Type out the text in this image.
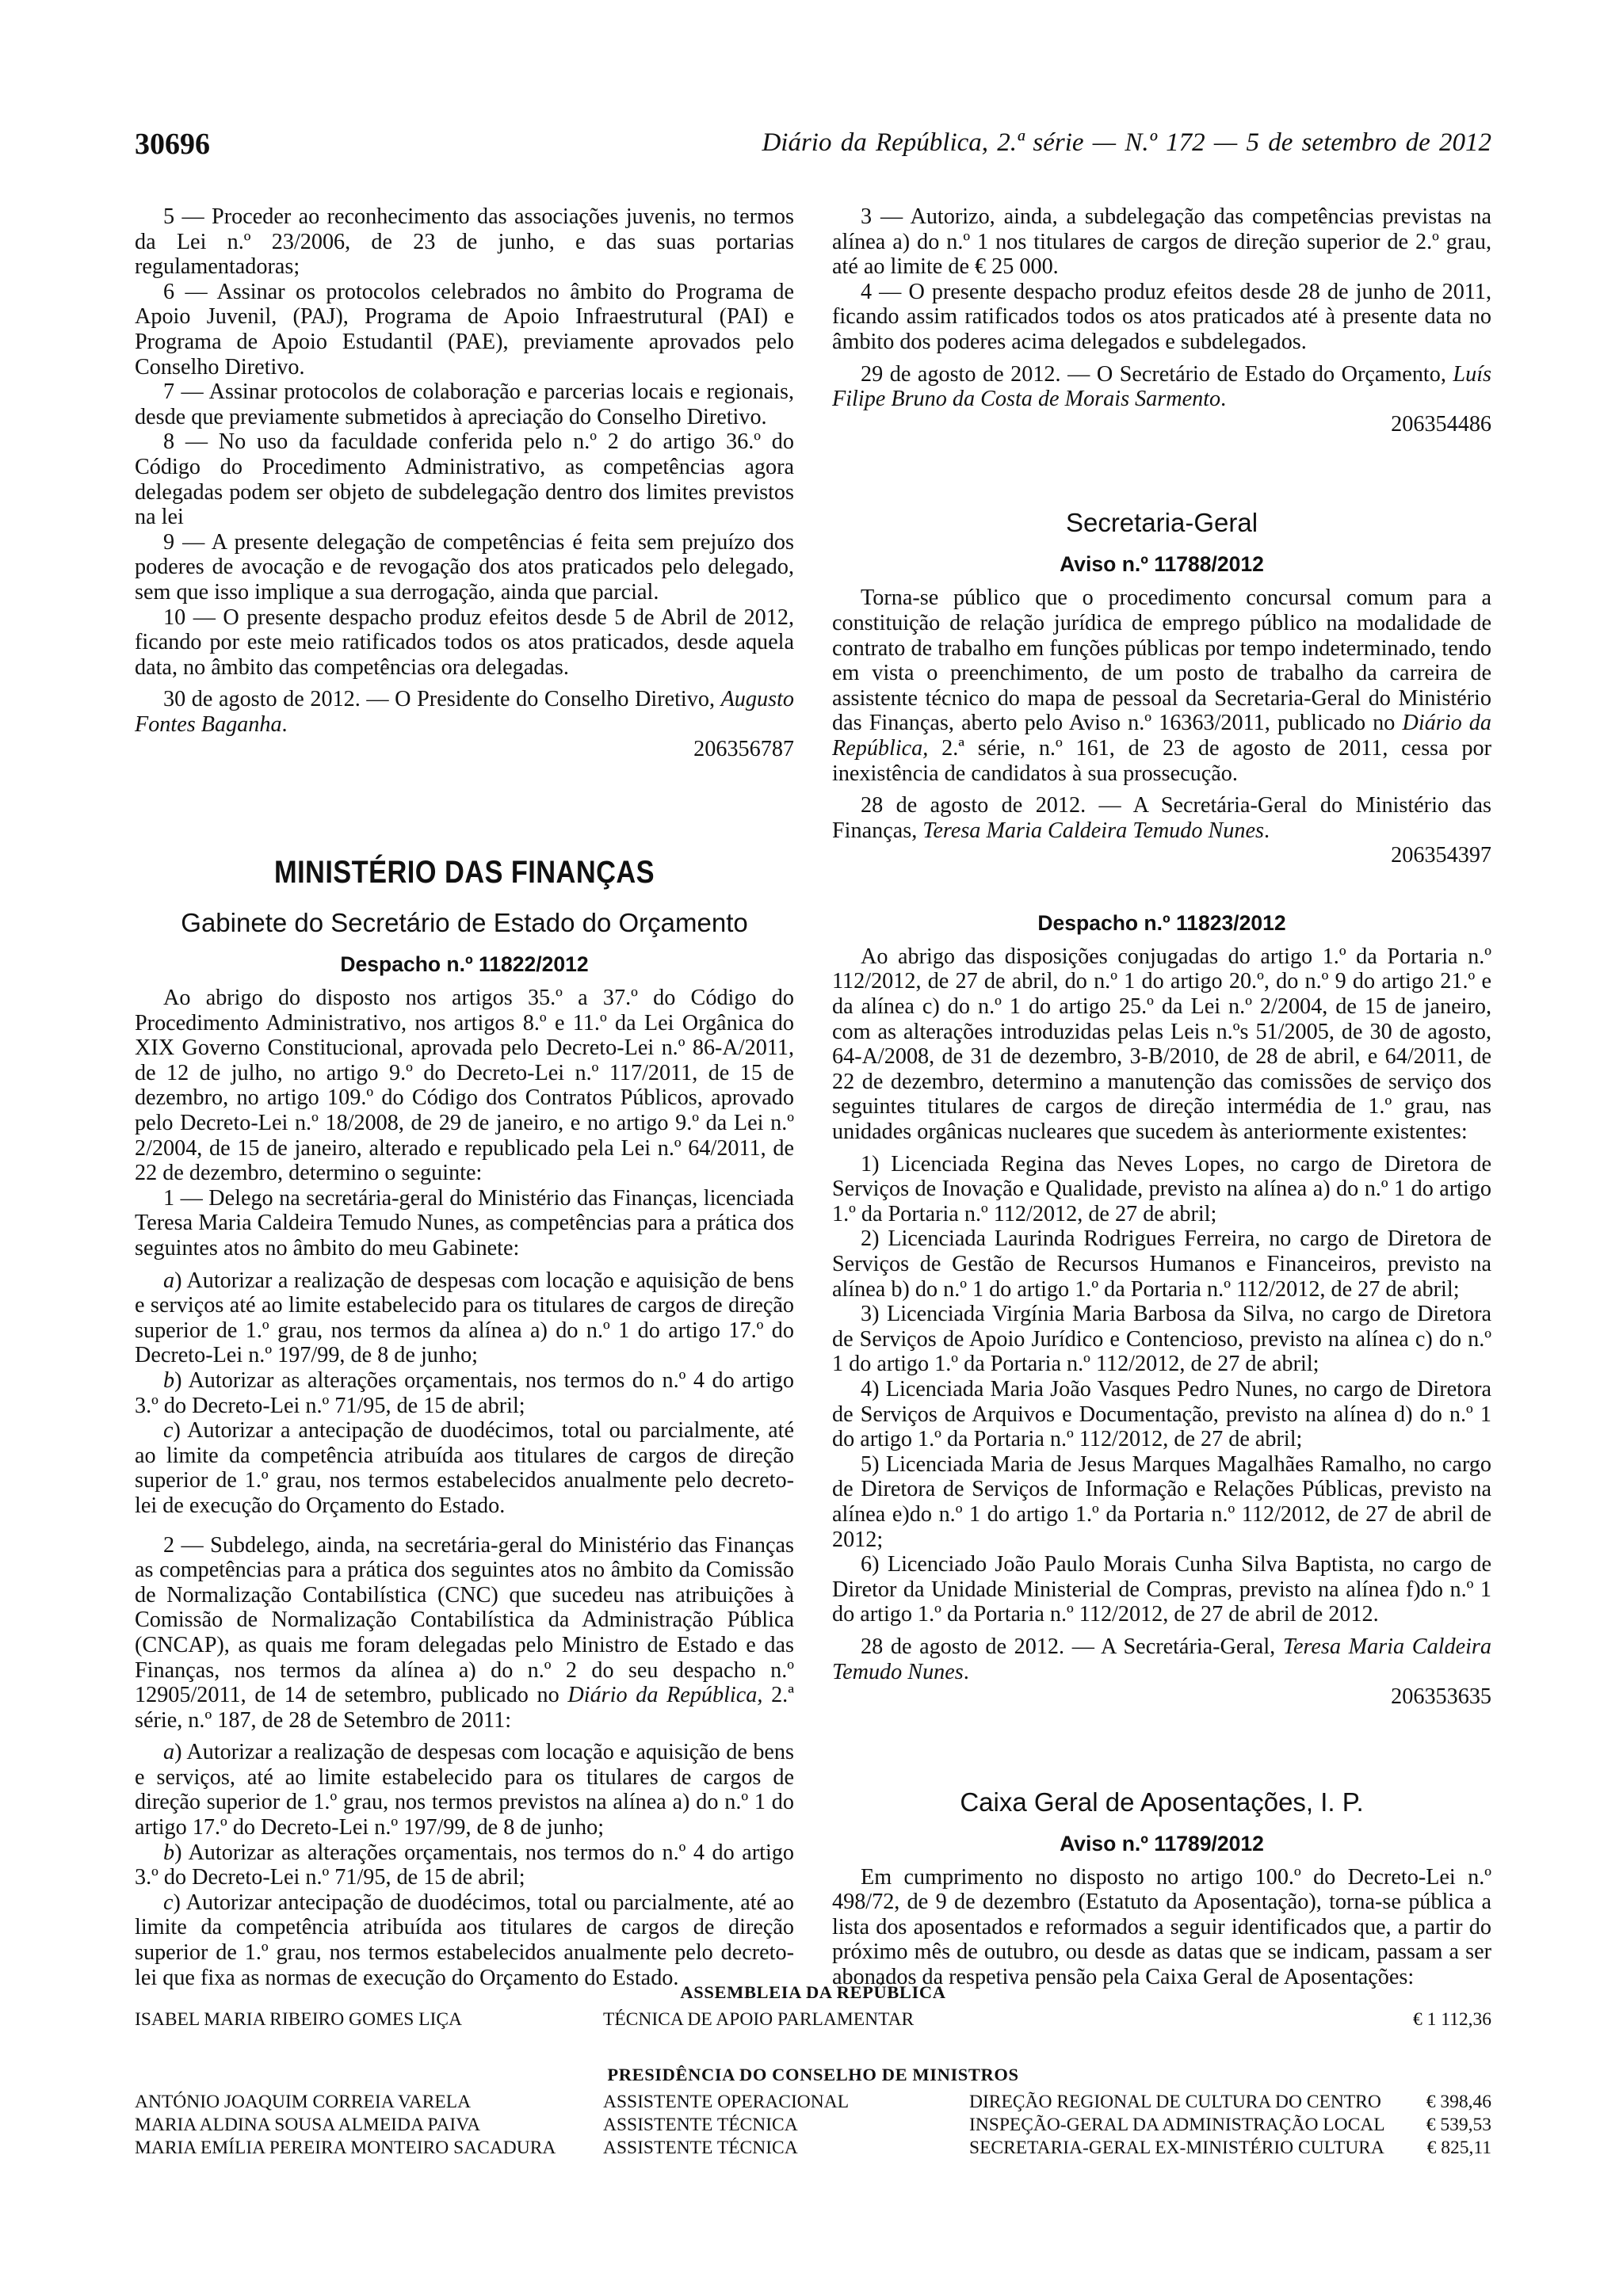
30696	Diário da República, 2.ª série — N.º 172 — 5 de setembro de 2012

5 — Proceder ao reconhecimento das associações juvenis, no termos da Lei n.º 23/2006, de 23 de junho, e das suas portarias regulamentadoras;

6 — Assinar os protocolos celebrados no âmbito do Programa de Apoio Juvenil, (PAJ), Programa de Apoio Infraestrutural (PAI) e Programa de Apoio Estudantil (PAE), previamente aprovados pelo Conselho Diretivo.

7 — Assinar protocolos de colaboração e parcerias locais e regionais, desde que previamente submetidos à apreciação do Conselho Diretivo.

8 — No uso da faculdade conferida pelo n.º 2 do artigo 36.º do Código do Procedimento Administrativo, as competências agora delegadas podem ser objeto de subdelegação dentro dos limites previstos na lei

9 — A presente delegação de competências é feita sem prejuízo dos poderes de avocação e de revogação dos atos praticados pelo delegado, sem que isso implique a sua derrogação, ainda que parcial.

10 — O presente despacho produz efeitos desde 5 de Abril de 2012, ficando por este meio ratificados todos os atos praticados, desde aquela data, no âmbito das competências ora delegadas.

30 de agosto de 2012. — O Presidente do Conselho Diretivo, Augusto Fontes Baganha.

206356787

MINISTÉRIO DAS FINANÇAS
Gabinete do Secretário de Estado do Orçamento
Despacho n.º 11822/2012

Ao abrigo do disposto nos artigos 35.º a 37.º do Código do Procedimento Administrativo, nos artigos 8.º e 11.º da Lei Orgânica do XIX Governo Constitucional, aprovada pelo Decreto-Lei n.º 86-A/2011, de 12 de julho, no artigo 9.º do Decreto-Lei n.º 117/2011, de 15 de dezembro, no artigo 109.º do Código dos Contratos Públicos, aprovado pelo Decreto-Lei n.º 18/2008, de 29 de janeiro, e no artigo 9.º da Lei n.º 2/2004, de 15 de janeiro, alterado e republicado pela Lei n.º 64/2011, de 22 de dezembro, determino o seguinte:

1 — Delego na secretária-geral do Ministério das Finanças, licenciada Teresa Maria Caldeira Temudo Nunes, as competências para a prática dos seguintes atos no âmbito do meu Gabinete:

a) Autorizar a realização de despesas com locação e aquisição de bens e serviços até ao limite estabelecido para os titulares de cargos de direção superior de 1.º grau, nos termos da alínea a) do n.º 1 do artigo 17.º do Decreto-Lei n.º 197/99, de 8 de junho;

b) Autorizar as alterações orçamentais, nos termos do n.º 4 do artigo 3.º do Decreto-Lei n.º 71/95, de 15 de abril;

c) Autorizar a antecipação de duodécimos, total ou parcialmente, até ao limite da competência atribuída aos titulares de cargos de direção superior de 1.º grau, nos termos estabelecidos anualmente pelo decreto-lei de execução do Orçamento do Estado.

2 — Subdelego, ainda, na secretária-geral do Ministério das Finanças as competências para a prática dos seguintes atos no âmbito da Comissão de Normalização Contabilística (CNC) que sucedeu nas atribuições à Comissão de Normalização Contabilística da Administração Pública (CNCAP), as quais me foram delegadas pelo Ministro de Estado e das Finanças, nos termos da alínea a) do n.º 2 do seu despacho n.º 12905/2011, de 14 de setembro, publicado no Diário da República, 2.ª série, n.º 187, de 28 de Setembro de 2011:

a) Autorizar a realização de despesas com locação e aquisição de bens e serviços, até ao limite estabelecido para os titulares de cargos de direção superior de 1.º grau, nos termos previstos na alínea a) do n.º 1 do artigo 17.º do Decreto-Lei n.º 197/99, de 8 de junho;

b) Autorizar as alterações orçamentais, nos termos do n.º 4 do artigo 3.º do Decreto-Lei n.º 71/95, de 15 de abril;

c) Autorizar antecipação de duodécimos, total ou parcialmente, até ao limite da competência atribuída aos titulares de cargos de direção superior de 1.º grau, nos termos estabelecidos anualmente pelo decreto-lei que fixa as normas de execução do Orçamento do Estado.

3 — Autorizo, ainda, a subdelegação das competências previstas na alínea a) do n.º 1 nos titulares de cargos de direção superior de 2.º grau, até ao limite de € 25 000.

4 — O presente despacho produz efeitos desde 28 de junho de 2011, ficando assim ratificados todos os atos praticados até à presente data no âmbito dos poderes acima delegados e subdelegados.

29 de agosto de 2012. — O Secretário de Estado do Orçamento, Luís Filipe Bruno da Costa de Morais Sarmento.

206354486

Secretaria-Geral
Aviso n.º 11788/2012

Torna-se público que o procedimento concursal comum para a constituição de relação jurídica de emprego público na modalidade de contrato de trabalho em funções públicas por tempo indeterminado, tendo em vista o preenchimento, de um posto de trabalho da carreira de assistente técnico do mapa de pessoal da Secretaria-Geral do Ministério das Finanças, aberto pelo Aviso n.º 16363/2011, publicado no Diário da República, 2.ª série, n.º 161, de 23 de agosto de 2011, cessa por inexistência de candidatos à sua prossecução.

28 de agosto de 2012. — A Secretária-Geral do Ministério das Finanças, Teresa Maria Caldeira Temudo Nunes.

206354397

Despacho n.º 11823/2012

Ao abrigo das disposições conjugadas do artigo 1.º da Portaria n.º 112/2012, de 27 de abril, do n.º 1 do artigo 20.º, do n.º 9 do artigo 21.º e da alínea c) do n.º 1 do artigo 25.º da Lei n.º 2/2004, de 15 de janeiro, com as alterações introduzidas pelas Leis n.ºs 51/2005, de 30 de agosto, 64-A/2008, de 31 de dezembro, 3-B/2010, de 28 de abril, e 64/2011, de 22 de dezembro, determino a manutenção das comissões de serviço dos seguintes titulares de cargos de direção intermédia de 1.º grau, nas unidades orgânicas nucleares que sucedem às anteriormente existentes:

1) Licenciada Regina das Neves Lopes, no cargo de Diretora de Serviços de Inovação e Qualidade, previsto na alínea a) do n.º 1 do artigo 1.º da Portaria n.º 112/2012, de 27 de abril;

2) Licenciada Laurinda Rodrigues Ferreira, no cargo de Diretora de Serviços de Gestão de Recursos Humanos e Financeiros, previsto na alínea b) do n.º 1 do artigo 1.º da Portaria n.º 112/2012, de 27 de abril;

3) Licenciada Virgínia Maria Barbosa da Silva, no cargo de Diretora de Serviços de Apoio Jurídico e Contencioso, previsto na alínea c) do n.º 1 do artigo 1.º da Portaria n.º 112/2012, de 27 de abril;

4) Licenciada Maria João Vasques Pedro Nunes, no cargo de Diretora de Serviços de Arquivos e Documentação, previsto na alínea d) do n.º 1 do artigo 1.º da Portaria n.º 112/2012, de 27 de abril;

5) Licenciada Maria de Jesus Marques Magalhães Ramalho, no cargo de Diretora de Serviços de Informação e Relações Públicas, previsto na alínea e)do n.º 1 do artigo 1.º da Portaria n.º 112/2012, de 27 de abril de 2012;

6) Licenciado João Paulo Morais Cunha Silva Baptista, no cargo de Diretor da Unidade Ministerial de Compras, previsto na alínea f)do n.º 1 do artigo 1.º da Portaria n.º 112/2012, de 27 de abril de 2012.

28 de agosto de 2012. — A Secretária-Geral, Teresa Maria Caldeira Temudo Nunes.

206353635

Caixa Geral de Aposentações, I. P.
Aviso n.º 11789/2012

Em cumprimento no disposto no artigo 100.º do Decreto-Lei n.º 498/72, de 9 de dezembro (Estatuto da Aposentação), torna-se pública a lista dos aposentados e reformados a seguir identificados que, a partir do próximo mês de outubro, ou desde as datas que se indicam, passam a ser abonados da respetiva pensão pela Caixa Geral de Aposentações:

ASSEMBLEIA DA REPÚBLICA
ISABEL MARIA RIBEIRO GOMES LIÇA	TÉCNICA DE APOIO PARLAMENTAR	€ 1 112,36
PRESIDÊNCIA DO CONSELHO DE MINISTROS
ANTÓNIO JOAQUIM CORREIA VARELA	ASSISTENTE OPERACIONAL	DIREÇÃO REGIONAL DE CULTURA DO CENTRO € 398,46
MARIA ALDINA SOUSA ALMEIDA PAIVA	ASSISTENTE TÉCNICA	INSPEÇÃO-GERAL DA ADMINISTRAÇÃO LOCAL € 539,53
MARIA EMÍLIA PEREIRA MONTEIRO SACADURA	ASSISTENTE TÉCNICA	SECRETARIA-GERAL EX-MINISTÉRIO CULTURA € 825,11
